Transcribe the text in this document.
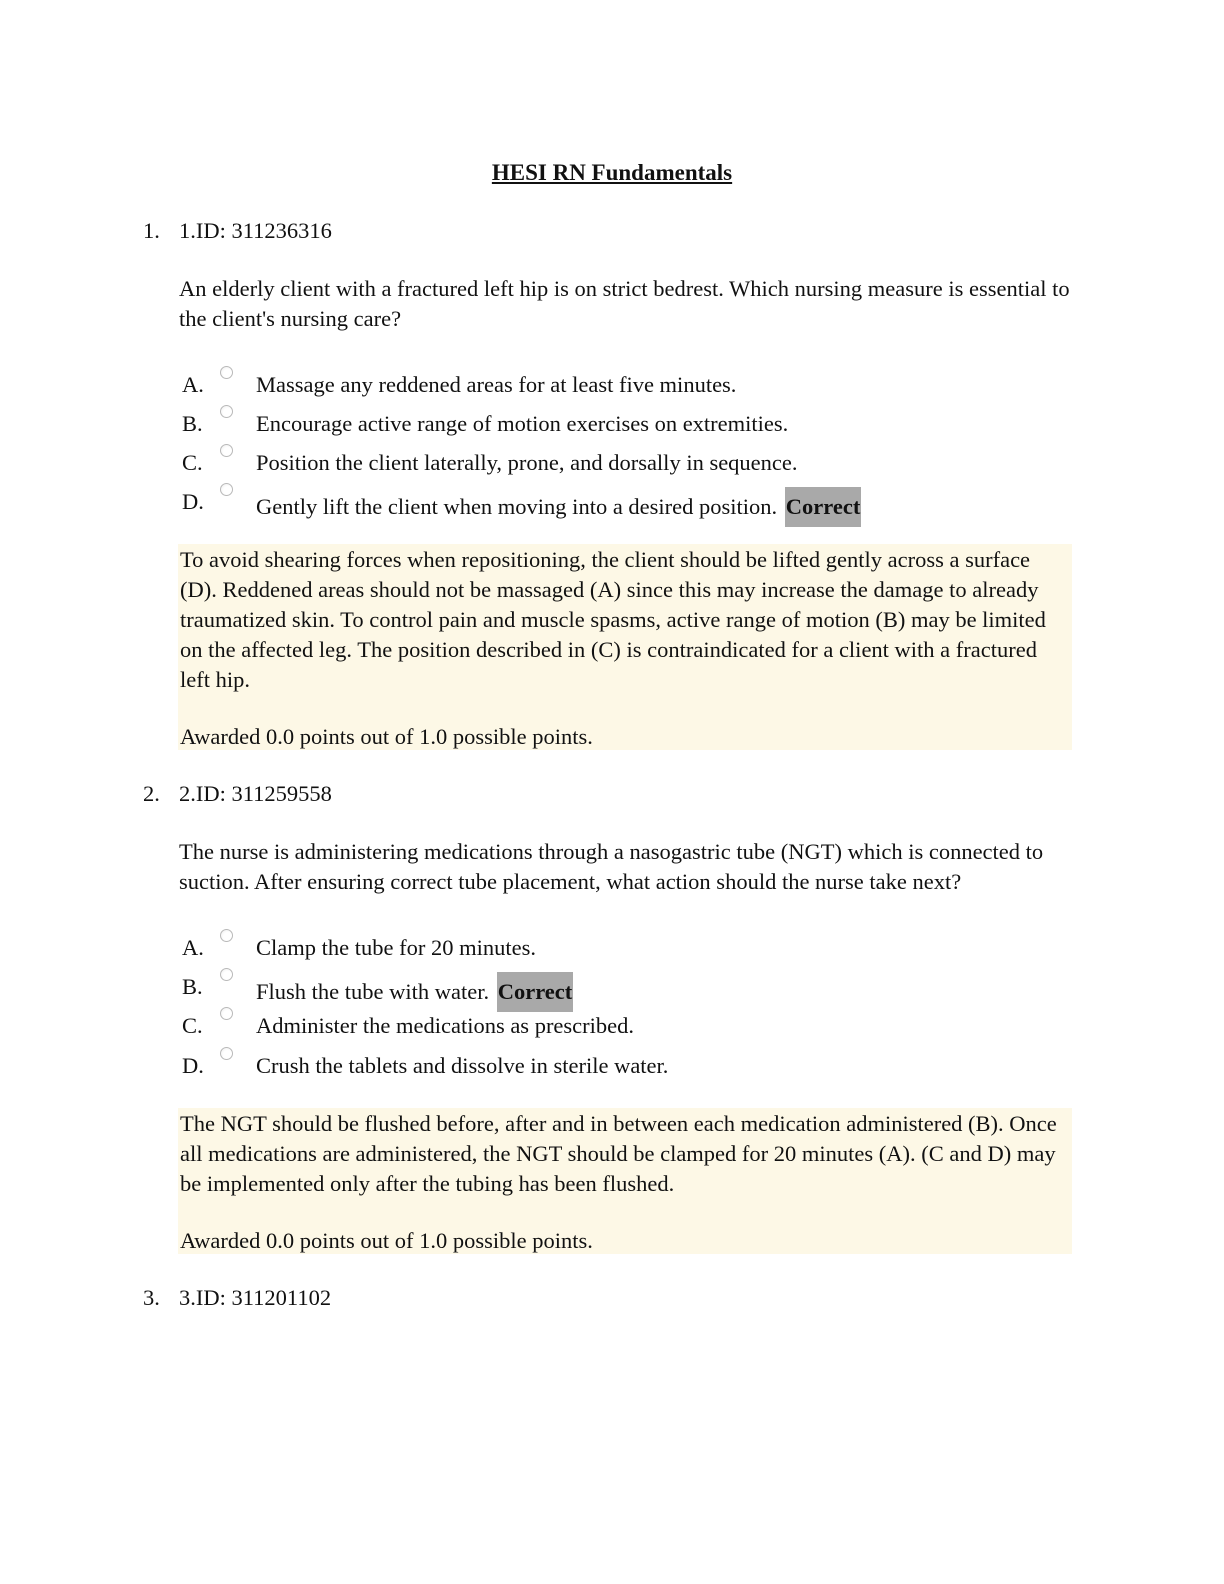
HESI RN Fundamentals
1. 1.ID: 311236316
An elderly client with a fractured left hip is on strict bedrest. Which nursing measure is essential to the client's nursing care?
A. Massage any reddened areas for at least five minutes.
B. Encourage active range of motion exercises on extremities.
C. Position the client laterally, prone, and dorsally in sequence.
D. Gently lift the client when moving into a desired position. Correct
To avoid shearing forces when repositioning, the client should be lifted gently across a surface (D). Reddened areas should not be massaged (A) since this may increase the damage to already traumatized skin. To control pain and muscle spasms, active range of motion (B) may be limited on the affected leg. The position described in (C) is contraindicated for a client with a fractured left hip.
Awarded 0.0 points out of 1.0 possible points.
2. 2.ID: 311259558
The nurse is administering medications through a nasogastric tube (NGT) which is connected to suction. After ensuring correct tube placement, what action should the nurse take next?
A. Clamp the tube for 20 minutes.
B. Flush the tube with water. Correct
C. Administer the medications as prescribed.
D. Crush the tablets and dissolve in sterile water.
The NGT should be flushed before, after and in between each medication administered (B). Once all medications are administered, the NGT should be clamped for 20 minutes (A). (C and D) may be implemented only after the tubing has been flushed.
Awarded 0.0 points out of 1.0 possible points.
3. 3.ID: 311201102
